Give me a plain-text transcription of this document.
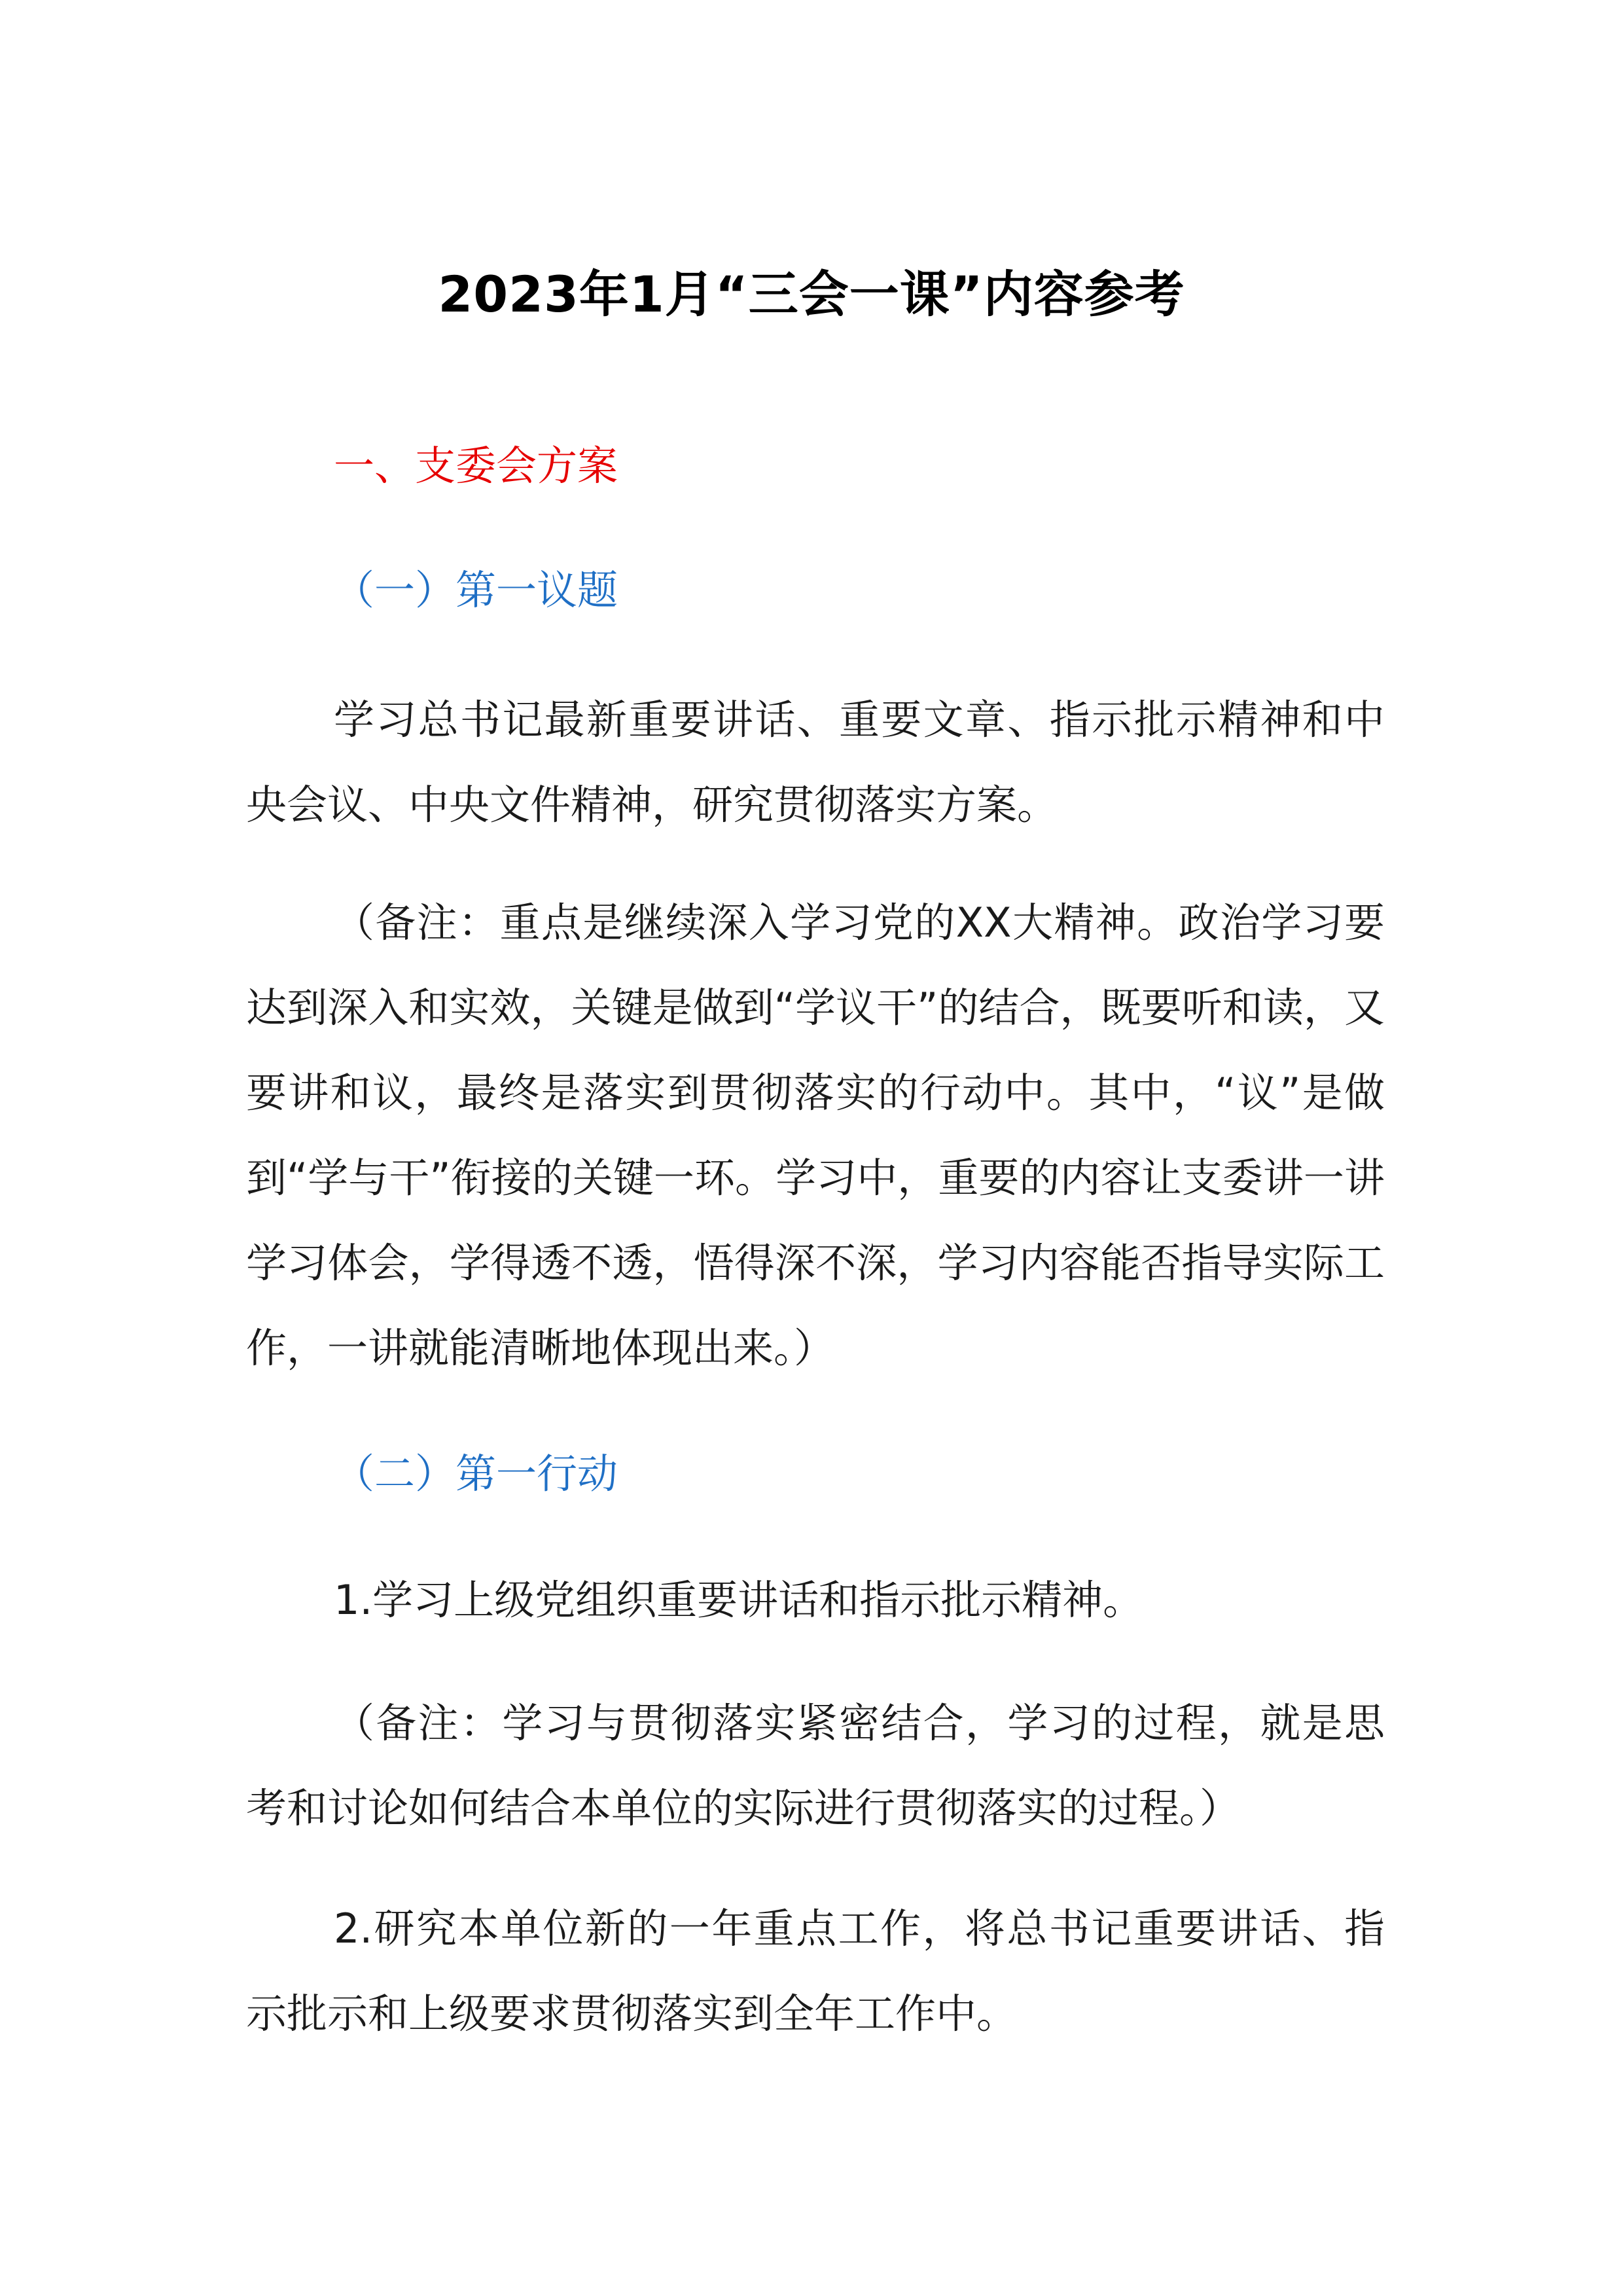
2023年1月“三会一课”内容参考
一、支委会方案
（一）第一议题

学习总书记最新重要讲话、重要文章、指示批示精神和中央会议、中央文件精神，研究贯彻落实方案。

（备注：重点是继续深入学习党的XX大精神。政治学习要达到深入和实效，关键是做到“学议干”的结合，既要听和读，又要讲和议，最终是落实到贯彻落实的行动中。其中，“议”是做到“学与干”衔接的关键一环。学习中，重要的内容让支委讲一讲学习体会，学得透不透，悟得深不深，学习内容能否指导实际工作，一讲就能清晰地体现出来。）

（二）第一行动

1.学习上级党组织重要讲话和指示批示精神。

（备注：学习与贯彻落实紧密结合，学习的过程，就是思考和讨论如何结合本单位的实际进行贯彻落实的过程。）

2.研究本单位新的一年重点工作，将总书记重要讲话、指示批示和上级要求贯彻落实到全年工作中。
